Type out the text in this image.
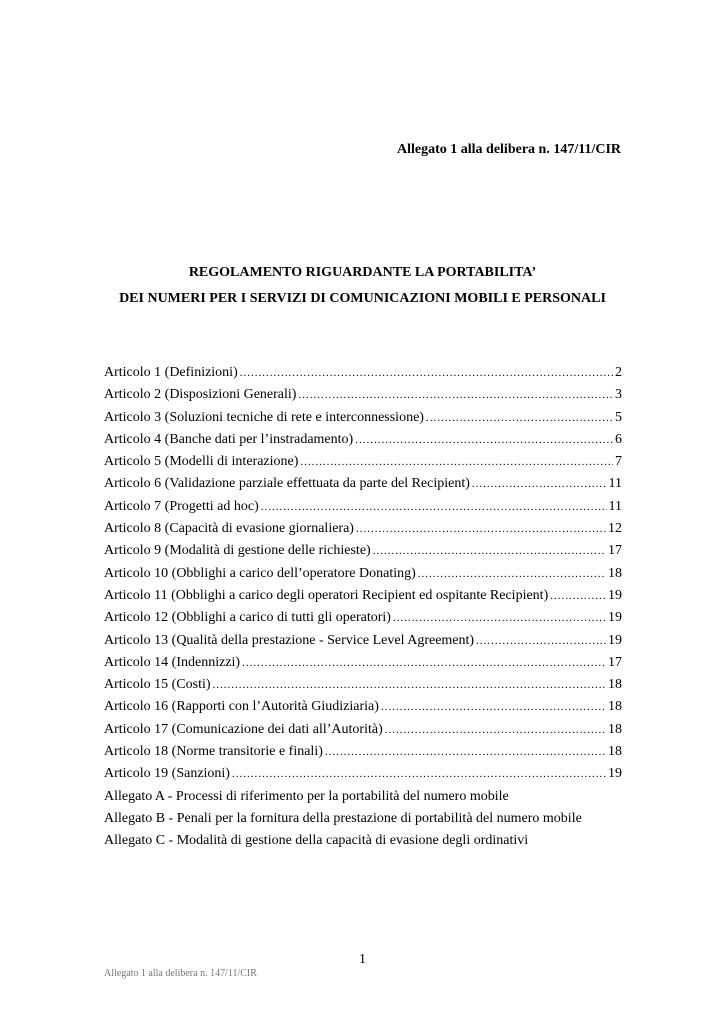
Allegato 1 alla delibera n. 147/11/CIR
REGOLAMENTO RIGUARDANTE LA PORTABILITA’
DEI NUMERI PER I SERVIZI DI COMUNICAZIONI MOBILI E PERSONALI
Articolo 1 (Definizioni) .....	2
Articolo 2 (Disposizioni Generali) .....	3
Articolo 3 (Soluzioni tecniche di rete e interconnessione) .....	5
Articolo 4 (Banche dati per l’instradamento) .....	6
Articolo 5 (Modelli di interazione) .....	7
Articolo 6 (Validazione parziale effettuata da parte del Recipient) .....	11
Articolo 7 (Progetti ad hoc) .....	11
Articolo 8 (Capacità di evasione giornaliera) .....	12
Articolo 9 (Modalità di gestione delle richieste) .....	17
Articolo 10 (Obblighi a carico dell’operatore Donating) .....	18
Articolo 11 (Obblighi a carico degli operatori Recipient ed ospitante Recipient) .....	19
Articolo 12 (Obblighi a carico di tutti gli operatori) .....	19
Articolo 13 (Qualità della prestazione - Service Level Agreement) .....	19
Articolo 14 (Indennizzi) .....	17
Articolo 15 (Costi) .....	18
Articolo 16 (Rapporti con l’Autorità Giudiziaria) .....	18
Articolo 17 (Comunicazione dei dati all’Autorità) .....	18
Articolo 18 (Norme transitorie e finali) .....	18
Articolo 19 (Sanzioni) .....	19
Allegato A - Processi di riferimento per la portabilità del numero mobile
Allegato B - Penali per la fornitura della prestazione di portabilità del numero mobile
Allegato C - Modalità di gestione della capacità di evasione degli ordinativi
1
Allegato 1 alla delibera n. 147/11/CIR
